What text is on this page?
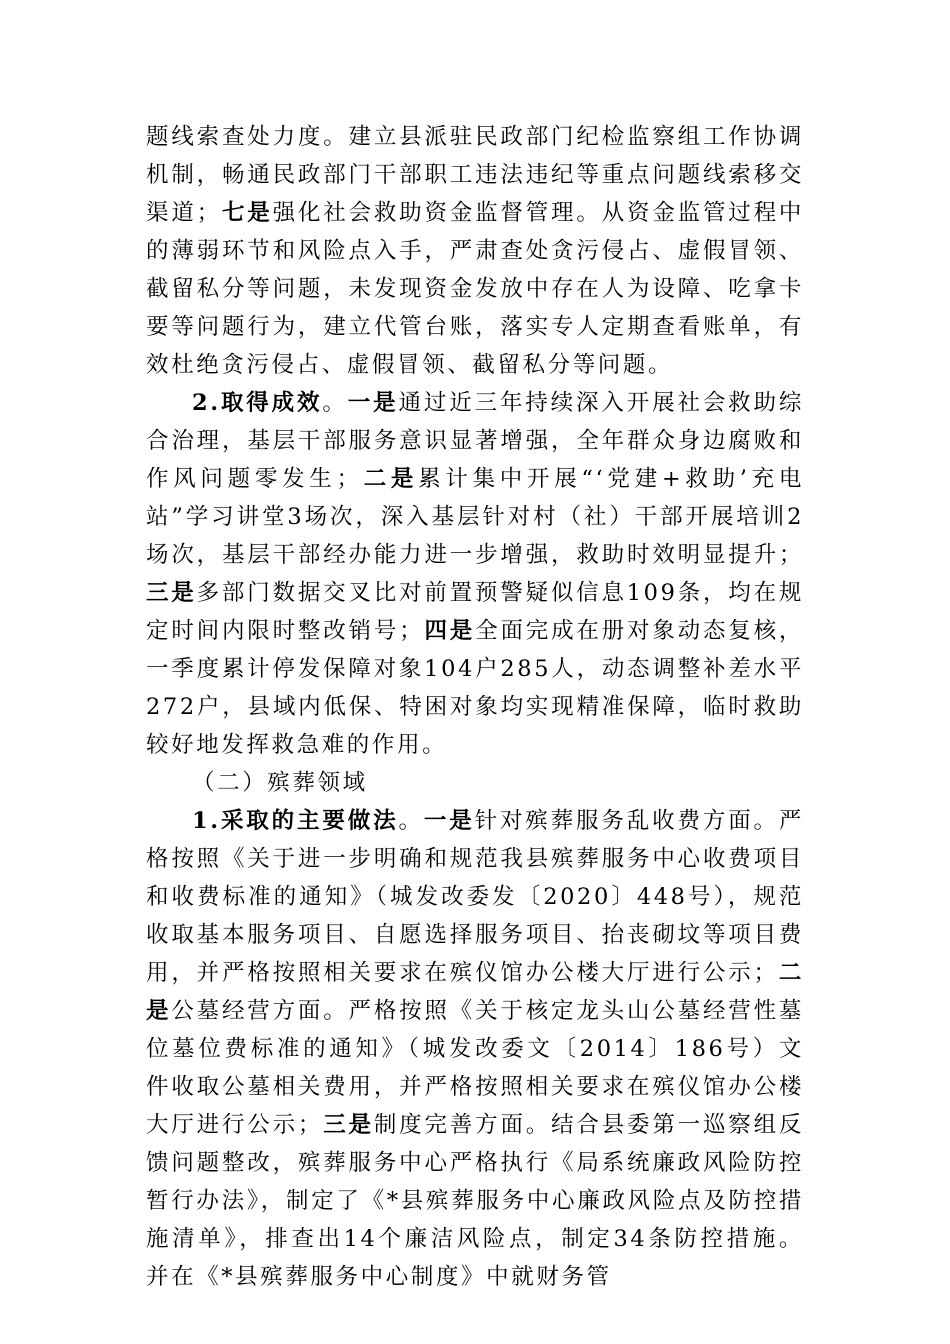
题线索查处力度。建立县派驻民政部门纪检监察组工作协调机制，畅通民政部门干部职工违法违纪等重点问题线索移交渠道；七是强化社会救助资金监督管理。从资金监管过程中的薄弱环节和风险点入手，严肃查处贪污侵占、虚假冒领、截留私分等问题，未发现资金发放中存在人为设障、吃拿卡要等问题行为，建立代管台账，落实专人定期查看账单，有效杜绝贪污侵占、虚假冒领、截留私分等问题。

2.取得成效。一是通过近三年持续深入开展社会救助综合治理，基层干部服务意识显著增强，全年群众身边腐败和作风问题零发生；二是累计集中开展“‘党建+救助’充电站”学习讲堂3场次，深入基层针对村（社）干部开展培训2场次，基层干部经办能力进一步增强，救助时效明显提升；三是多部门数据交叉比对前置预警疑似信息109条，均在规定时间内限时整改销号；四是全面完成在册对象动态复核，一季度累计停发保障对象104户285人，动态调整补差水平272户，县域内低保、特困对象均实现精准保障，临时救助较好地发挥救急难的作用。

（二）殡葬领域

1.采取的主要做法。一是针对殡葬服务乱收费方面。严格按照《关于进一步明确和规范我县殡葬服务中心收费项目和收费标准的通知》（城发改委发〔2020〕448号），规范收取基本服务项目、自愿选择服务项目、抬丧砌坟等项目费用，并严格按照相关要求在殡仪馆办公楼大厅进行公示；二是公墓经营方面。严格按照《关于核定龙头山公墓经营性墓位墓位费标准的通知》（城发改委文〔2014〕186号）文件收取公墓相关费用，并严格按照相关要求在殡仪馆办公楼大厅进行公示；三是制度完善方面。结合县委第一巡察组反馈问题整改，殡葬服务中心严格执行《局系统廉政风险防控暂行办法》，制定了《*县殡葬服务中心廉政风险点及防控措施清单》，排查出14个廉洁风险点，制定34条防控措施。并在《*县殡葬服务中心制度》中就财务管
